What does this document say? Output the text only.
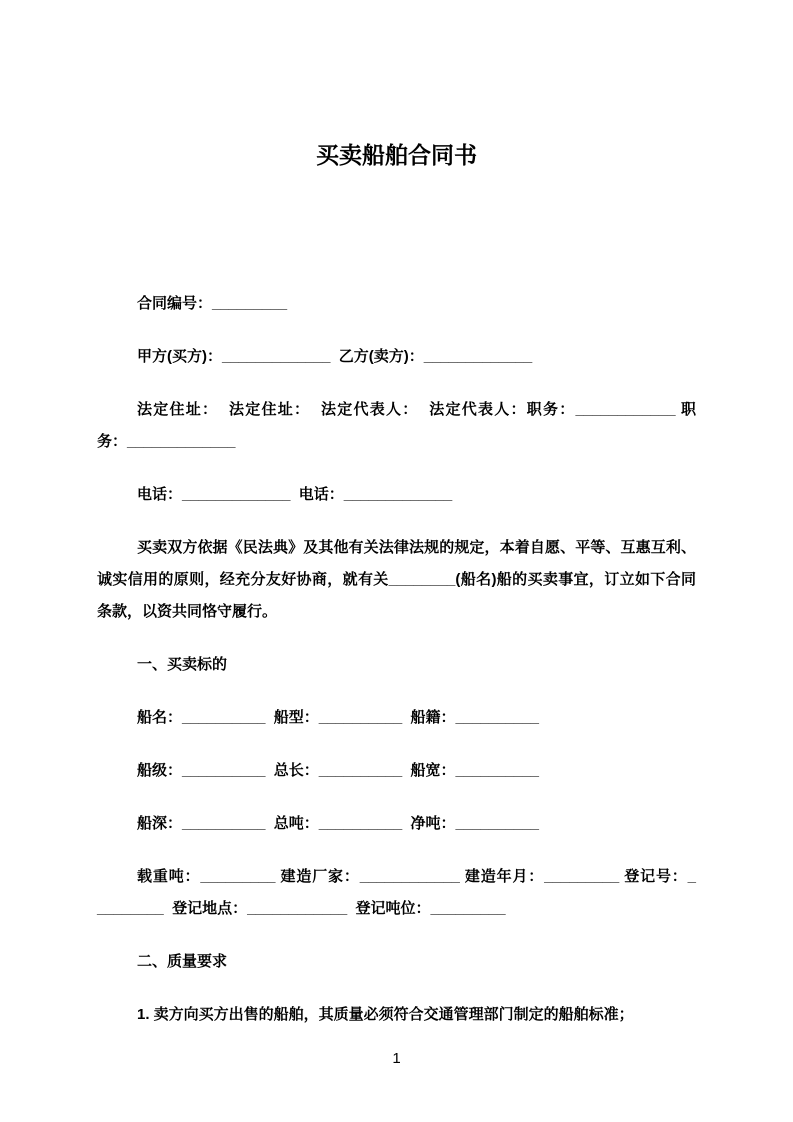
买卖船舶合同书
合同编号：_________
甲方(买方)：_____________  乙方(卖方)：_____________
法定住址：  法定住址：  法定代表人：  法定代表人：职务：____________ 职
务：_____________
电话：_____________  电话：_____________
买卖双方依据《民法典》及其他有关法律法规的规定，本着自愿、平等、互惠互利、诚实信用的原则，经充分友好协商，就有关________(船名)船的买卖事宜，订立如下合同条款，以资共同恪守履行。
一、买卖标的
船名：__________  船型：__________  船籍：__________
船级：__________  总长：__________  船宽：__________
船深：__________  总吨：__________  净吨：__________
载重吨：_________ 建造厂家：____________ 建造年月：_________ 登记号：_
________  登记地点：____________  登记吨位：_________
二、质量要求
1. 卖方向买方出售的船舶，其质量必须符合交通管理部门制定的船舶标准；
1
